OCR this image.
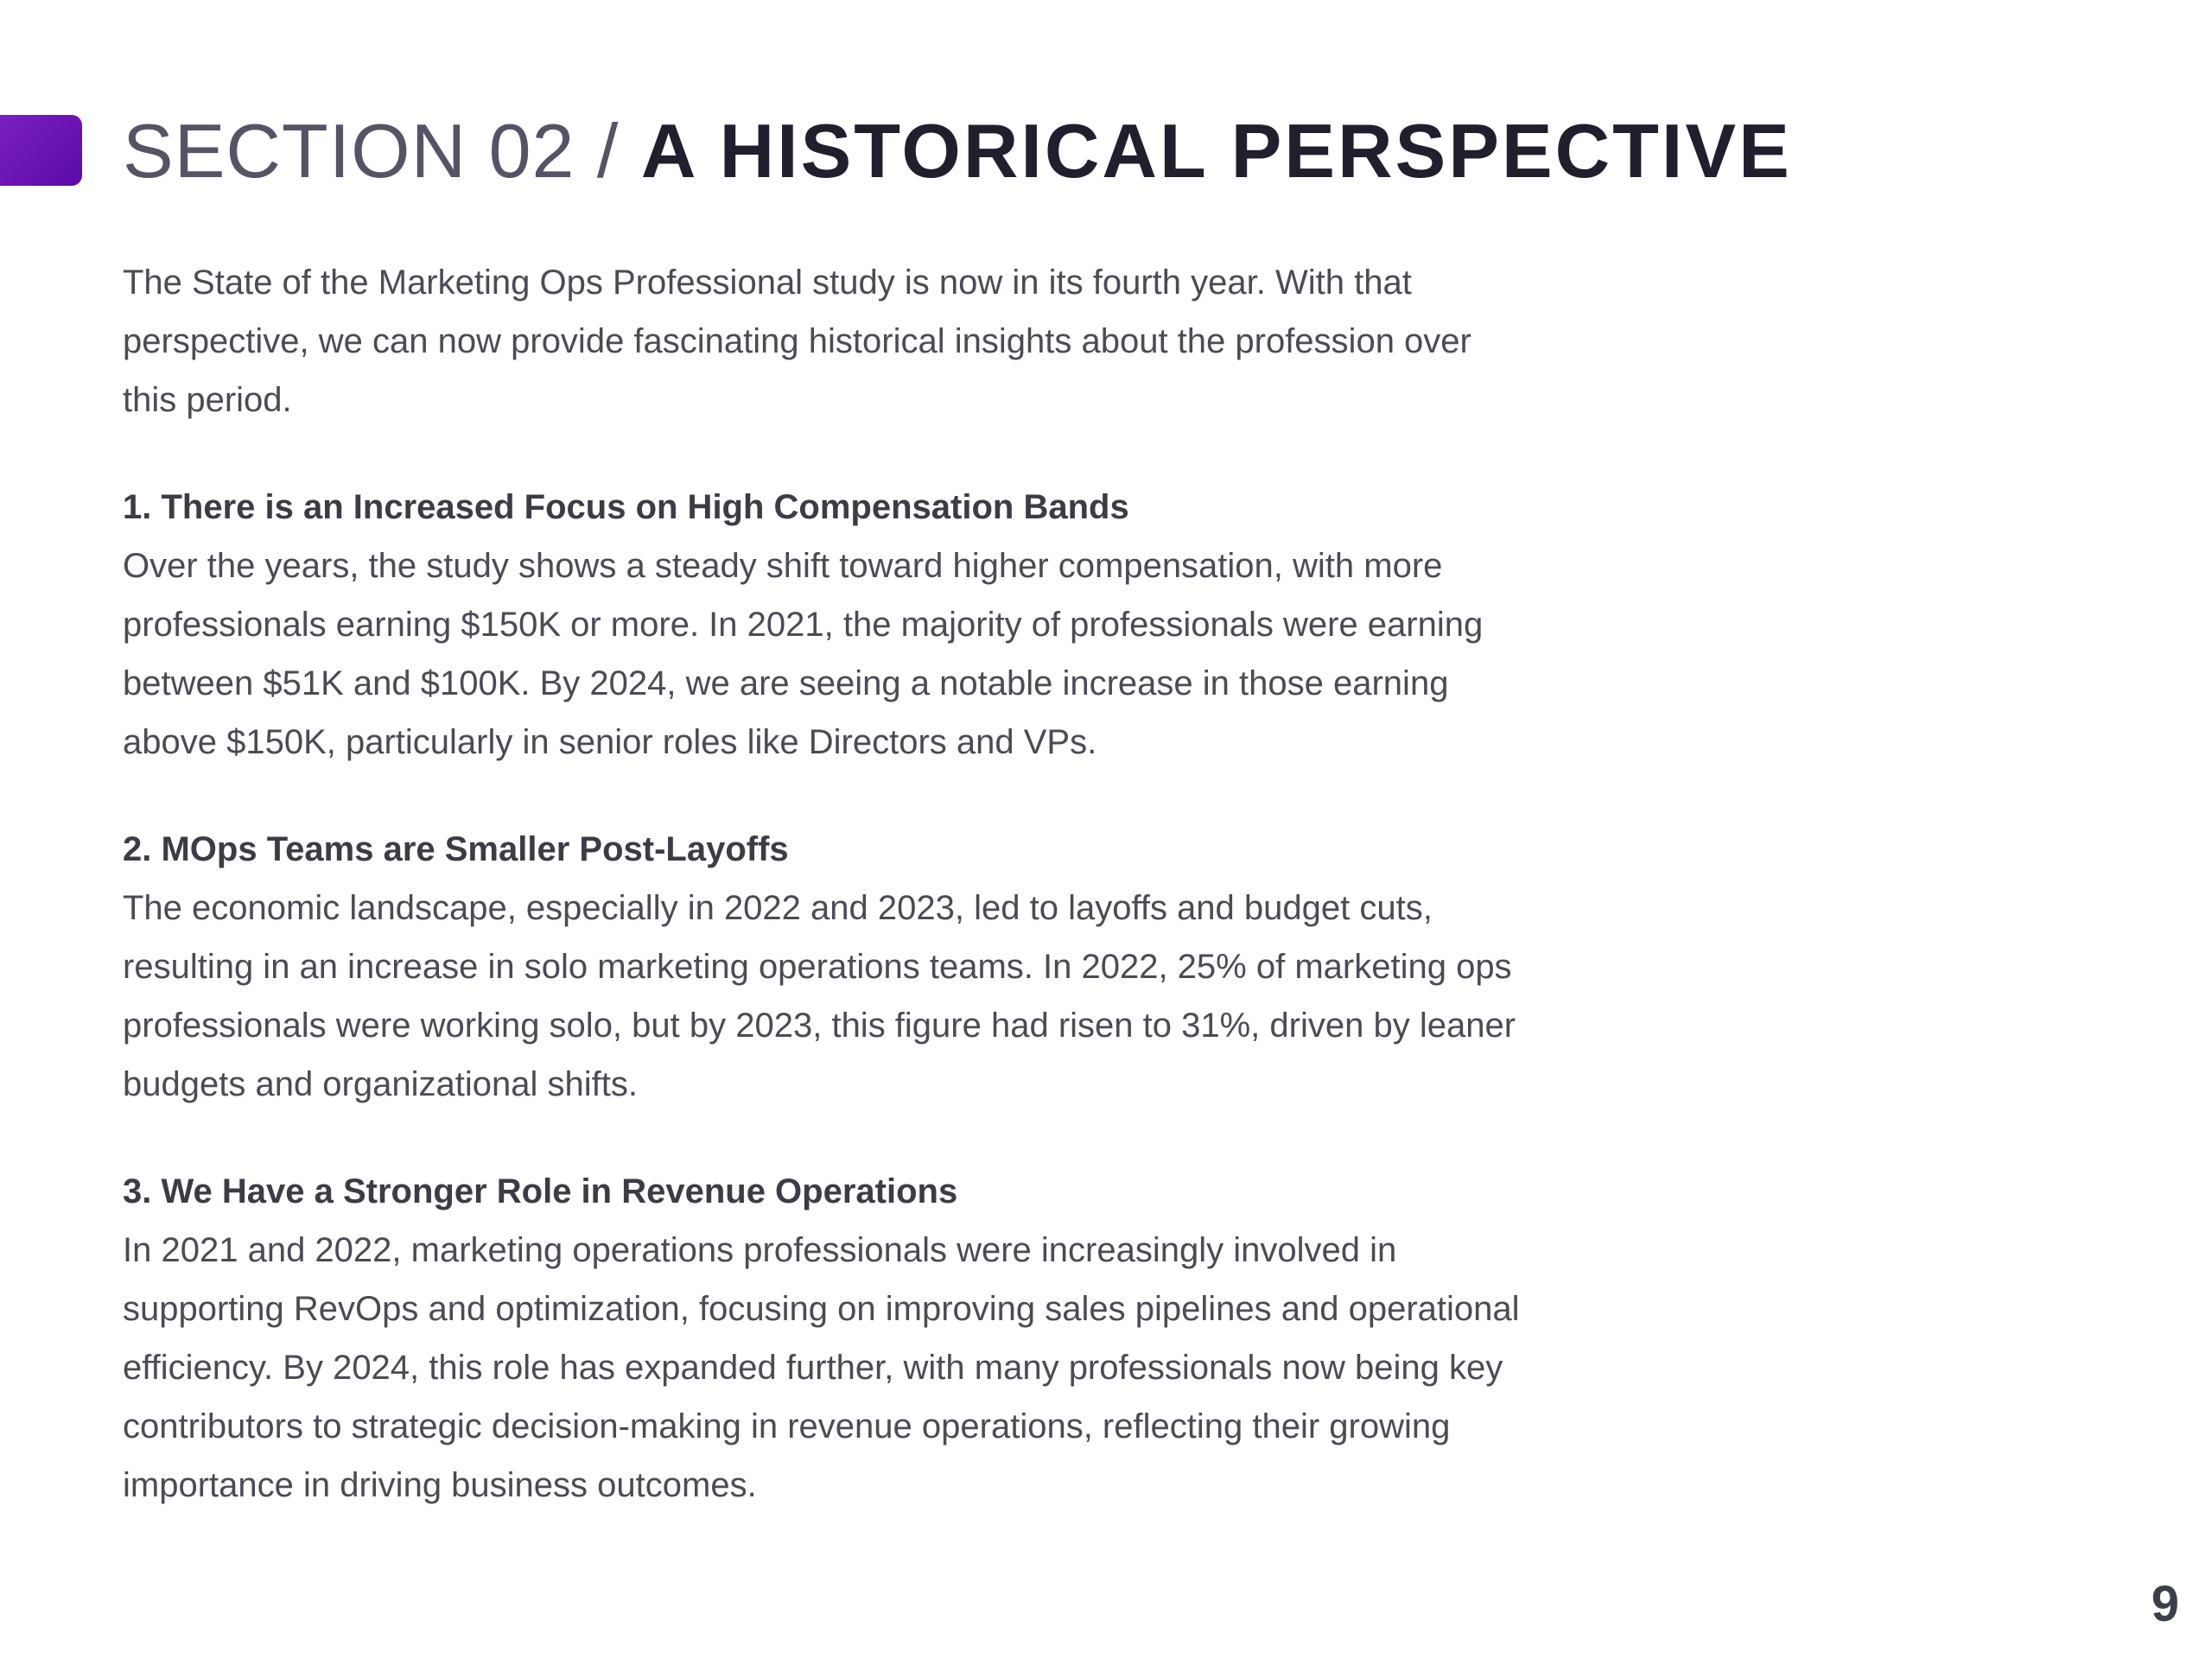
SECTION 02 / A HISTORICAL PERSPECTIVE

The State of the Marketing Ops Professional study is now in its fourth year. With that perspective, we can now provide fascinating historical insights about the profession over this period.

1. There is an Increased Focus on High Compensation Bands

Over the years, the study shows a steady shift toward higher compensation, with more professionals earning $150K or more. In 2021, the majority of professionals were earning between $51K and $100K. By 2024, we are seeing a notable increase in those earning above $150K, particularly in senior roles like Directors and VPs.

2. MOps Teams are Smaller Post-Layoffs

The economic landscape, especially in 2022 and 2023, led to layoffs and budget cuts, resulting in an increase in solo marketing operations teams. In 2022, 25% of marketing ops professionals were working solo, but by 2023, this figure had risen to 31%, driven by leaner budgets and organizational shifts.

3. We Have a Stronger Role in Revenue Operations

In 2021 and 2022, marketing operations professionals were increasingly involved in supporting RevOps and optimization, focusing on improving sales pipelines and operational efficiency. By 2024, this role has expanded further, with many professionals now being key contributors to strategic decision-making in revenue operations, reflecting their growing importance in driving business outcomes.

9
